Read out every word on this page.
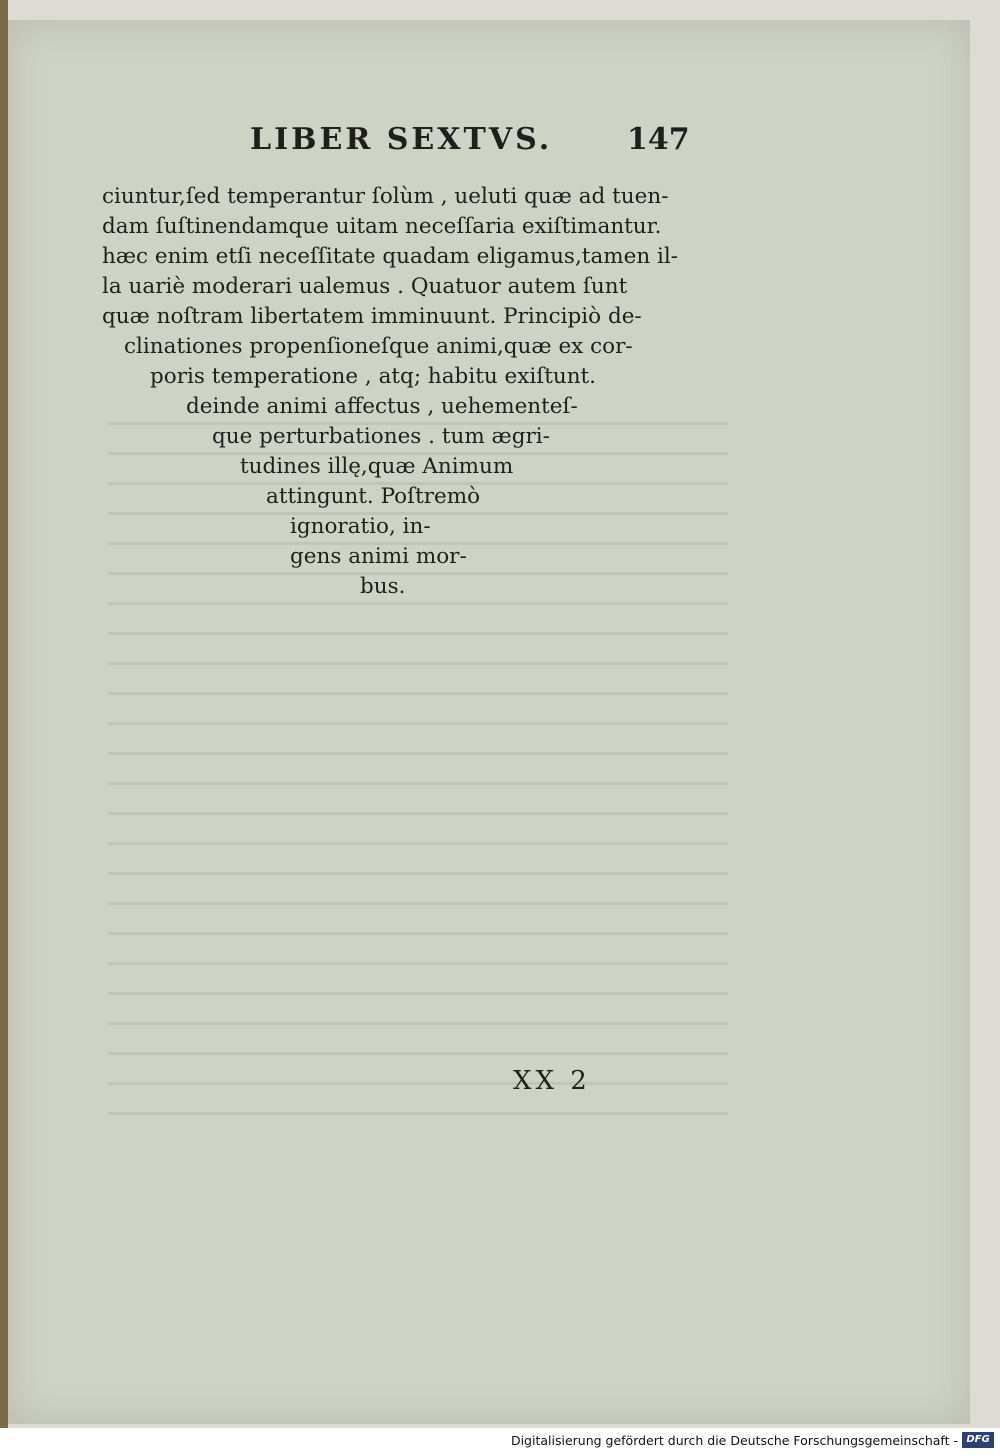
LIBER SEXTVS. 147
ciuntur,ſed temperantur ſolùm , ueluti quæ ad tuen-
dam ſuſtinendamque uitam neceſſaria exiſtimantur.
hæc enim etſi neceſſitate quadam eligamus,tamen il-
la uariè moderari ualemus . Quatuor autem ſunt
quæ noſtram libertatem imminuunt. Principiò de-
clinationes propenſioneſque animi,quæ ex cor-
poris temperatione , atq; habitu exiſtunt.
deinde animi affectus , uehementeſ-
que perturbationes . tum ægri-
tudines illę,quæ Animum
attingunt. Poſtremò
ignoratio, in-
gens animi mor-
bus.
XX 2
Digitalisierung gefördert durch die Deutsche Forschungsgemeinschaft - DFG
